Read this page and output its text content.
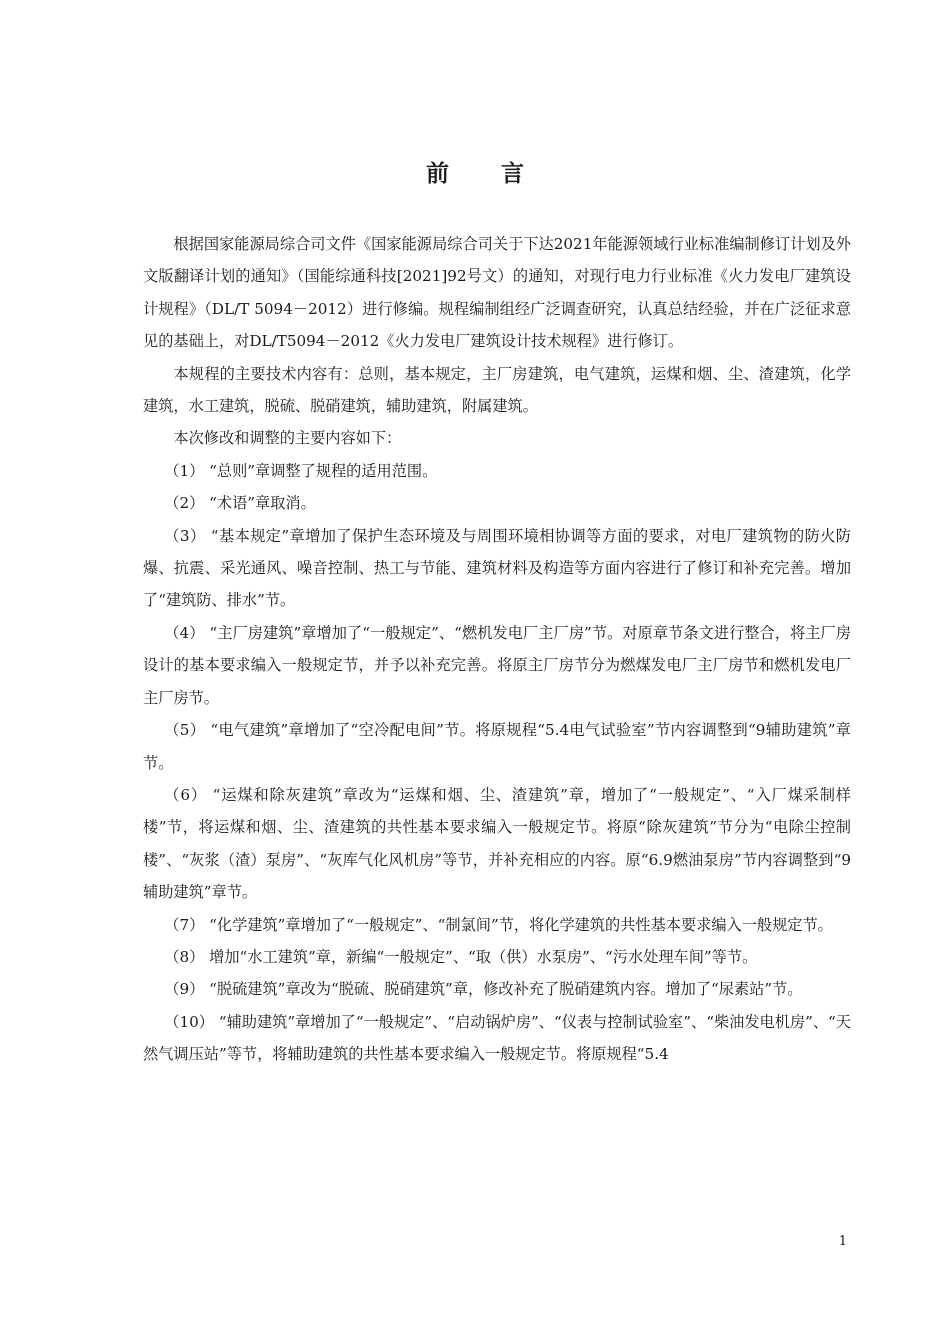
前 言

根据国家能源局综合司文件《国家能源局综合司关于下达2021年能源领域行业标准编制修订计划及外文版翻译计划的通知》（国能综通科技[2021]92号文）的通知，对现行电力行业标准《火力发电厂建筑设计规程》（DL/T 5094－2012）进行修编。规程编制组经广泛调查研究，认真总结经验，并在广泛征求意见的基础上，对DL/T5094－2012《火力发电厂建筑设计技术规程》进行修订。

本规程的主要技术内容有：总则，基本规定，主厂房建筑，电气建筑，运煤和烟、尘、渣建筑，化学建筑，水工建筑，脱硫、脱硝建筑，辅助建筑，附属建筑。

本次修改和调整的主要内容如下：

（1） “总则”章调整了规程的适用范围。

（2） “术语”章取消。

（3） “基本规定”章增加了保护生态环境及与周围环境相协调等方面的要求，对电厂建筑物的防火防爆、抗震、采光通风、噪音控制、热工与节能、建筑材料及构造等方面内容进行了修订和补充完善。增加了“建筑防、排水”节。

（4） “主厂房建筑”章增加了“一般规定”、“燃机发电厂主厂房”节。对原章节条文进行整合，将主厂房设计的基本要求编入一般规定节，并予以补充完善。将原主厂房节分为燃煤发电厂主厂房节和燃机发电厂主厂房节。

（5） “电气建筑”章增加了“空冷配电间”节。将原规程“5.4电气试验室”节内容调整到“9辅助建筑”章节。

（6） “运煤和除灰建筑”章改为“运煤和烟、尘、渣建筑”章，增加了“一般规定”、“入厂煤采制样楼”节，将运煤和烟、尘、渣建筑的共性基本要求编入一般规定节。将原“除灰建筑”节分为“电除尘控制楼”、“灰浆（渣）泵房”、“灰库气化风机房”等节，并补充相应的内容。原“6.9燃油泵房”节内容调整到“9辅助建筑”章节。

（7） “化学建筑”章增加了“一般规定”、“制氯间”节，将化学建筑的共性基本要求编入一般规定节。

（8） 增加“水工建筑”章，新编“一般规定”、“取（供）水泵房”、“污水处理车间”等节。

（9） “脱硫建筑”章改为“脱硫、脱硝建筑”章，修改补充了脱硝建筑内容。增加了“尿素站”节。

（10） “辅助建筑”章增加了“一般规定”、“启动锅炉房”、“仪表与控制试验室”、“柴油发电机房”、“天然气调压站”等节，将辅助建筑的共性基本要求编入一般规定节。将原规程“5.4

1
